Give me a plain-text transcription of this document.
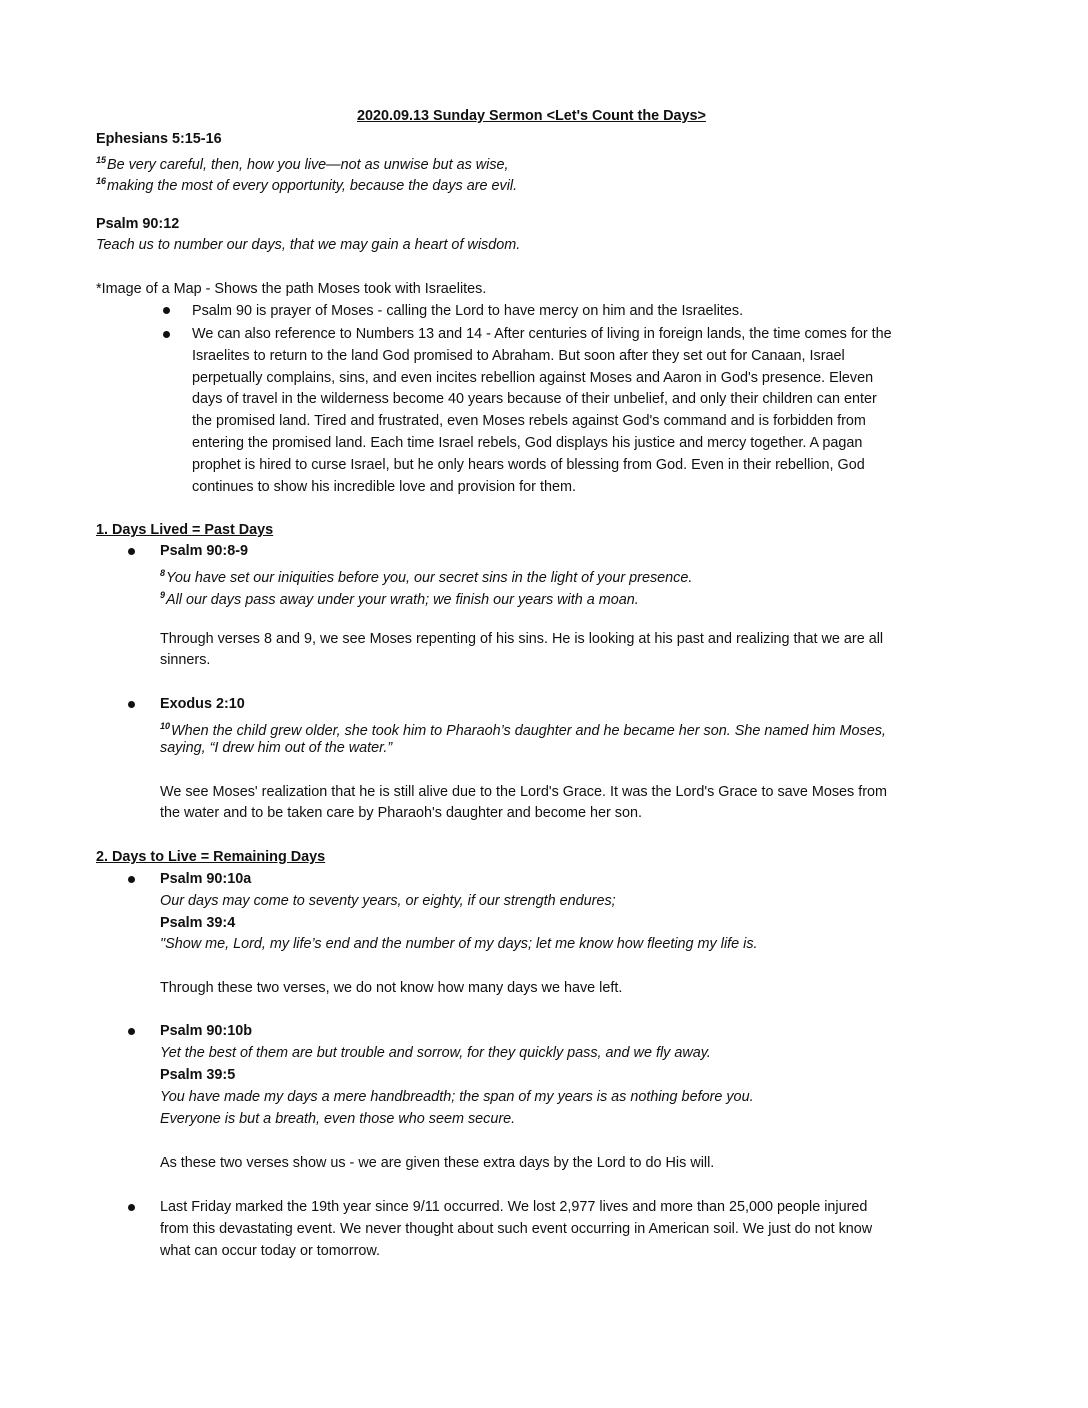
2020.09.13 Sunday Sermon <Let's Count the Days>
Ephesians 5:15-16
$^{15}$Be very careful, then, how you live—not as unwise but as wise,
$^{16}$making the most of every opportunity, because the days are evil.
Psalm 90:12
Teach us to number our days, that we may gain a heart of wisdom.
*Image of a Map - Shows the path Moses took with Israelites.
Psalm 90 is prayer of Moses - calling the Lord to have mercy on him and the Israelites.
We can also reference to Numbers 13 and 14 - After centuries of living in foreign lands, the time comes for the
Israelites to return to the land God promised to Abraham. But soon after they set out for Canaan, Israel
perpetually complains, sins, and even incites rebellion against Moses and Aaron in God's presence. Eleven
days of travel in the wilderness become 40 years because of their unbelief, and only their children can enter
the promised land. Tired and frustrated, even Moses rebels against God's command and is forbidden from
entering the promised land. Each time Israel rebels, God displays his justice and mercy together. A pagan
prophet is hired to curse Israel, but he only hears words of blessing from God. Even in their rebellion, God
continues to show his incredible love and provision for them.
1. Days Lived = Past Days
Psalm 90:8-9
$^8$You have set our iniquities before you, our secret sins in the light of your presence.
$^9$All our days pass away under your wrath; we finish our years with a moan.
Through verses 8 and 9, we see Moses repenting of his sins. He is looking at his past and realizing that we are all
sinners.
Exodus 2:10
$^{10}$When the child grew older, she took him to Pharaoh’s daughter and he became her son. She named him Moses,
saying, “I drew him out of the water.”
We see Moses' realization that he is still alive due to the Lord's Grace. It was the Lord's Grace to save Moses from
the water and to be taken care by Pharaoh's daughter and become her son.
2. Days to Live = Remaining Days
Psalm 90:10a
Our days may come to seventy years, or eighty, if our strength endures;
Psalm 39:4
"Show me, Lord, my life’s end and the number of my days; let me know how fleeting my life is.
Through these two verses, we do not know how many days we have left.
Psalm 90:10b
Yet the best of them are but trouble and sorrow, for they quickly pass, and we fly away.
Psalm 39:5
You have made my days a mere handbreadth; the span of my years is as nothing before you.
Everyone is but a breath, even those who seem secure.
As these two verses show us - we are given these extra days by the Lord to do His will.
Last Friday marked the 19th year since 9/11 occurred. We lost 2,977 lives and more than 25,000 people injured
from this devastating event. We never thought about such event occurring in American soil. We just do not know
what can occur today or tomorrow.
